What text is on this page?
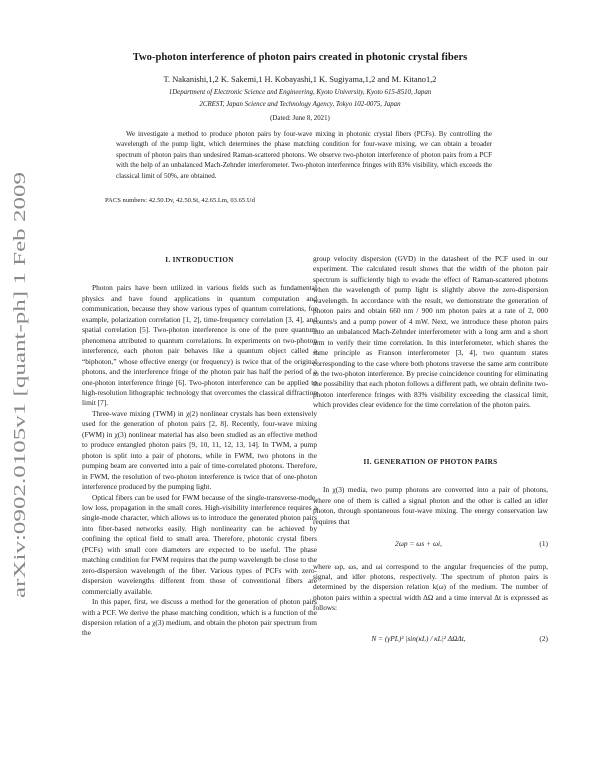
arXiv:0902.0105v1 [quant-ph] 1 Feb 2009
Two-photon interference of photon pairs created in photonic crystal fibers
T. Nakanishi,1,2 K. Sakemi,1 H. Kobayashi,1 K. Sugiyama,1,2 and M. Kitano1,2
1Department of Electronic Science and Engineering, Kyoto University, Kyoto 615-8510, Japan
2CREST, Japan Science and Technology Agency, Tokyo 102-0075, Japan
(Dated: June 8, 2021)
We investigate a method to produce photon pairs by four-wave mixing in photonic crystal fibers (PCFs). By controlling the wavelength of the pump light, which determines the phase matching condition for four-wave mixing, we can obtain a broader spectrum of photon pairs than undesired Raman-scattered photons. We observe two-photon interference of photon pairs from a PCF with the help of an unbalanced Mach-Zehnder interferometer. Two-photon interference fringes with 83% visibility, which exceeds the classical limit of 50%, are obtained.
PACS numbers: 42.50.Dv, 42.50.St, 42.65.Lm, 03.65.Ud
I. INTRODUCTION

Photon pairs have been utilized in various fields such as fundamental physics and have found applications in quantum computation and communication, because they show various types of quantum correlations, for example, polarization correlation [1, 2], time-frequency correlation [3, 4], and spatial correlation [5]. Two-photon interference is one of the pure quantum phenomena attributed to quantum correlations. In experiments on two-photon interference, each photon pair behaves like a quantum object called a “biphoton,” whose effective energy (or frequency) is twice that of the original photons, and the interference fringe of the photon pair has half the period of a one-photon interference fringe [6]. Two-photon interference can be applied to high-resolution lithographic technology that overcomes the classical diffraction limit [7].

Three-wave mixing (TWM) in χ(2) nonlinear crystals has been extensively used for the generation of photon pairs [2, 8]. Recently, four-wave mixing (FWM) in χ(3) nonlinear material has also been studied as an effective method to produce entangled photon pairs [9, 10, 11, 12, 13, 14]. In TWM, a pump photon is split into a pair of photons, while in FWM, two photons in the pumping beam are converted into a pair of time-correlated photons. Therefore, in FWM, the resolution of two-photon interference is twice that of one-photon interference produced by the pumping light.

Optical fibers can be used for FWM because of the single-transverse-mode, low loss, propagation in the small cores. High-visibility interference requires a single-mode character, which allows us to introduce the generated photon pairs into fiber-based networks easily. High nonlinearity can be achieved by confining the optical field to small area. Therefore, photonic crystal fibers (PCFs) with small core diameters are expected to be useful. The phase matching condition for FWM requires that the pump wavelength be close to the zero-dispersion wavelength of the fiber. Various types of PCFs with zero-dispersion wavelengths different from those of conventional fibers are commercially available.

In this paper, first, we discuss a method for the generation of photon pairs with a PCF. We derive the phase matching condition, which is a function of the dispersion relation of a χ(3) medium, and obtain the photon pair spectrum from the

group velocity dispersion (GVD) in the datasheet of the PCF used in our experiment. The calculated result shows that the width of the photon pair spectrum is sufficiently high to evade the effect of Raman-scattered photons when the wavelength of pump light is slightly above the zero-dispersion wavelength. In accordance with the result, we demonstrate the generation of photon pairs and obtain 660 nm / 900 nm photon pairs at a rate of 2, 000 counts/s and a pump power of 4 mW. Next, we introduce these photon pairs into an unbalanced Mach-Zehnder interferometer with a long arm and a short arm to verify their time correlation. In this interferometer, which shares the same principle as Franson interferometer [3, 4], two quantum states corresponding to the case where both photons traverse the same arm contribute to the two-photon interference. By precise coincidence counting for eliminating the possibility that each photon follows a different path, we obtain definite two-photon interference fringes with 83% visibility exceeding the classical limit, which provides clear evidence for the time correlation of the photon pairs.

II. GENERATION OF PHOTON PAIRS

In χ(3) media, two pump photons are converted into a pair of photons, where one of them is called a signal photon and the other is called an idler photon, through spontaneous four-wave mixing. The energy conservation law requires that

2ωp = ωs + ωi,	(1)

where ωp, ωs, and ωi correspond to the angular frequencies of the pump, signal, and idler photons, respectively. The spectrum of photon pairs is determined by the dispersion relation k(ω) of the medium. The number of photon pairs within a spectral width ΔΩ and a time interval Δt is expressed as follows:

N = (γPL)² |sin(κL) / κL|² ΔΩΔt,	(2)
